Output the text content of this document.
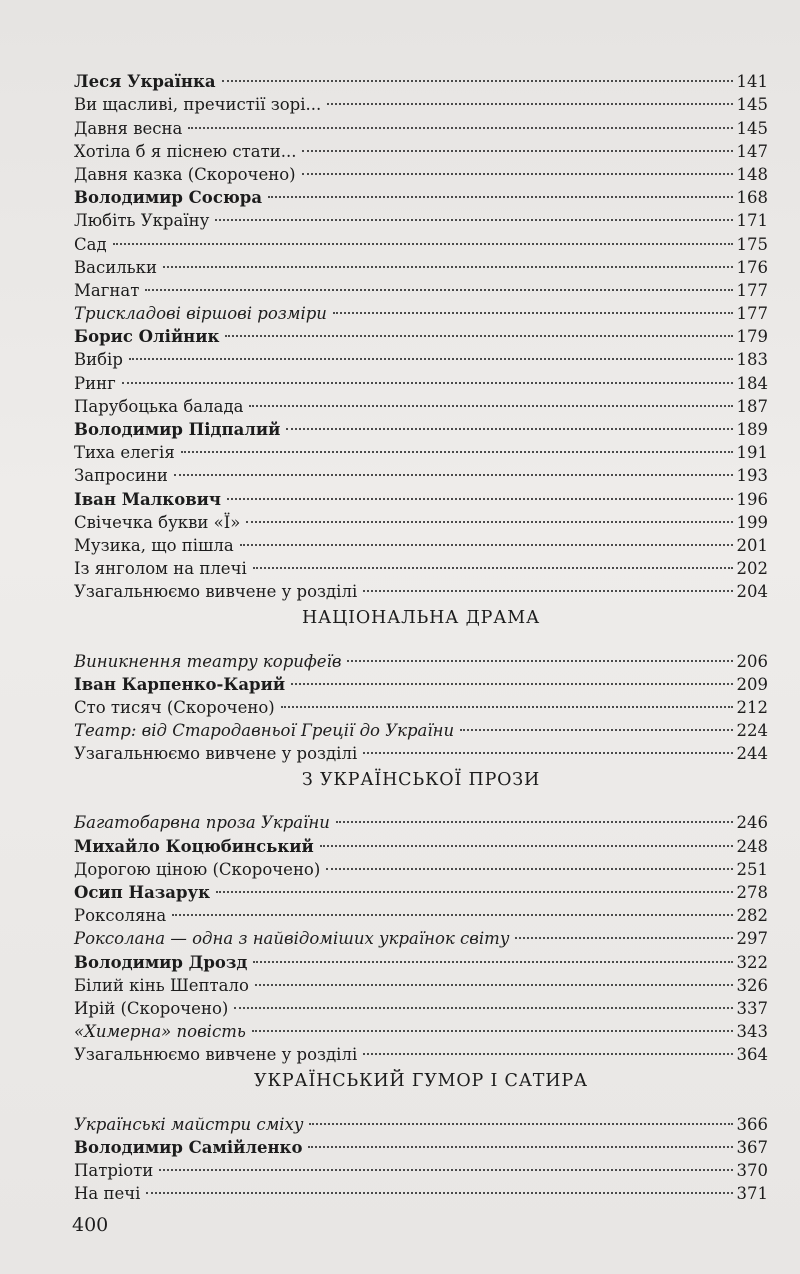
Леся Українка	141
Ви щасливі, пречистії зорі...	145
Давня весна	145
Хотіла б я піснею стати...	147
Давня казка (Скорочено)	148
Володимир Сосюра	168
Любіть Україну	171
Сад	175
Васильки	176
Магнат	177
Трискладові віршові розміри	177
Борис Олійник	179
Вибір	183
Ринг	184
Парубоцька балада	187
Володимир Підпалий	189
Тиха елегія	191
Запросини	193
Іван Малкович	196
Свічечка букви «Ї»	199
Музика, що пішла	201
Із янголом на плечі	202
Узагальнюємо вивчене у розділі	204
НАЦІОНАЛЬНА ДРАМА
Виникнення театру корифеїв	206
Іван Карпенко-Карий	209
Сто тисяч (Скорочено)	212
Театр: від Стародавньої Греції до України	224
Узагальнюємо вивчене у розділі	244
З УКРАЇНСЬКОЇ ПРОЗИ
Багатобарвна проза України	246
Михайло Коцюбинський	248
Дорогою ціною (Скорочено)	251
Осип Назарук	278
Роксоляна	282
Роксолана — одна з найвідоміших українок світу	297
Володимир Дрозд	322
Білий кінь Шептало	326
Ирій (Скорочено)	337
«Химерна» повість	343
Узагальнюємо вивчене у розділі	364
УКРАЇНСЬКИЙ ГУМОР І САТИРА
Українські майстри сміху	366
Володимир Самійленко	367
Патріоти	370
На печі	371
400
